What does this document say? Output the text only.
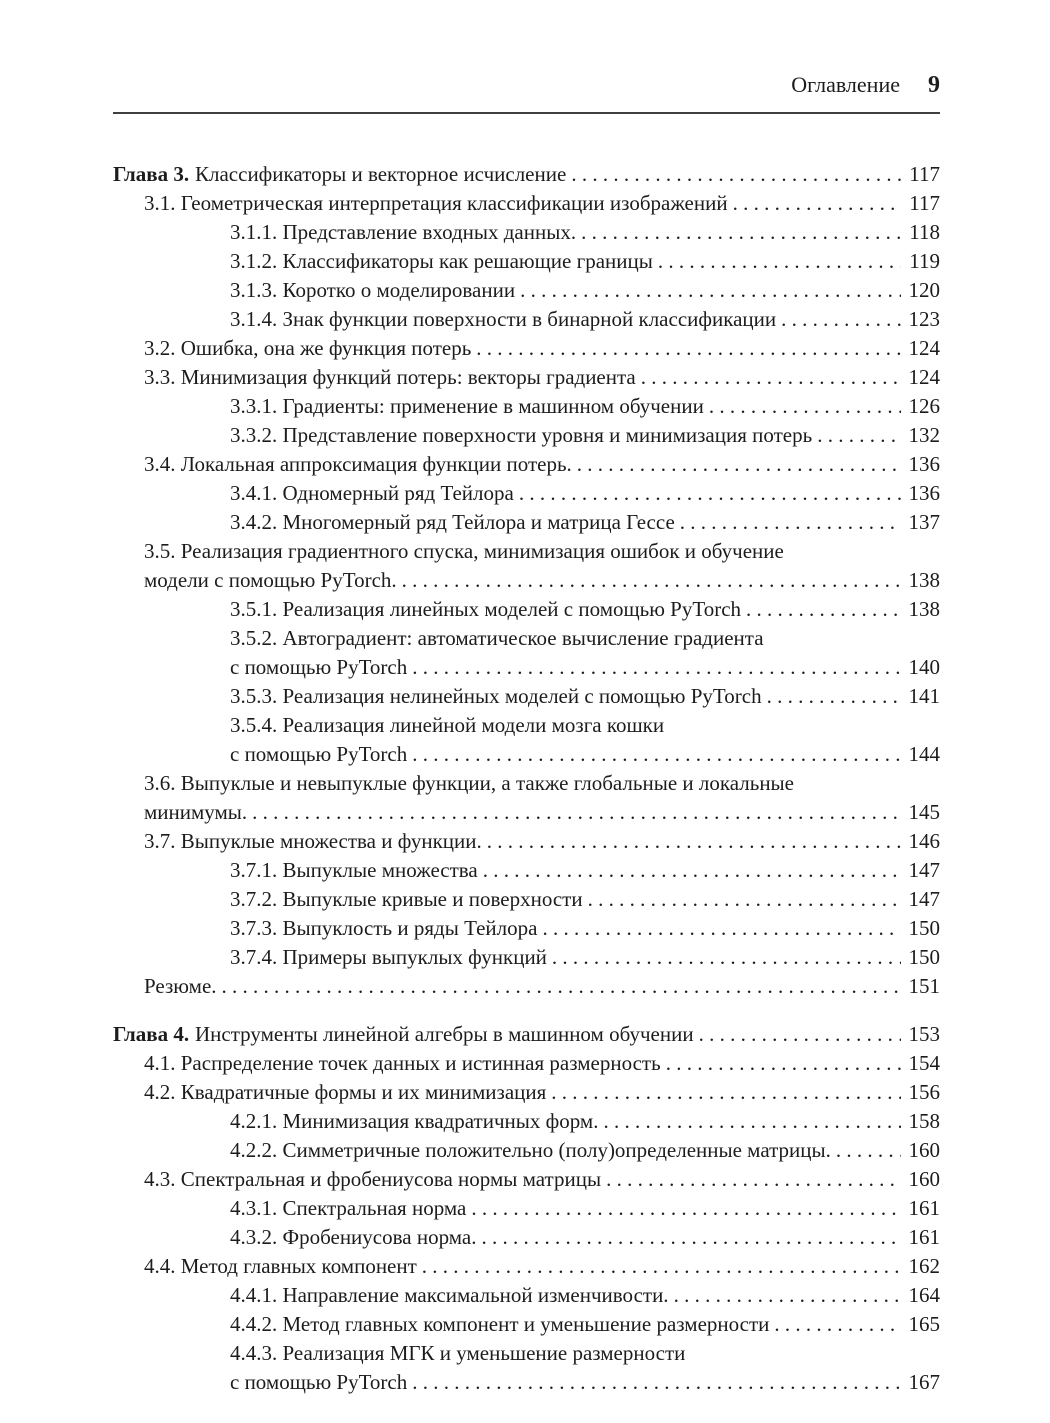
Оглавление 9
Глава 3. Классификаторы и векторное исчисление . . .	117
3.1. Геометрическая интерпретация классификации изображений . . .	117
3.1.1. Представление входных данных. . . .	118
3.1.2. Классификаторы как решающие границы . . .	119
3.1.3. Коротко о моделировании . . .	120
3.1.4. Знак функции поверхности в бинарной классификации . . .	123
3.2. Ошибка, она же функция потерь . . .	124
3.3. Минимизация функций потерь: векторы градиента . . .	124
3.3.1. Градиенты: применение в машинном обучении . . .	126
3.3.2. Представление поверхности уровня и минимизация потерь . . .	132
3.4. Локальная аппроксимация функции потерь. . . .	136
3.4.1. Одномерный ряд Тейлора . . .	136
3.4.2. Многомерный ряд Тейлора и матрица Гессе . . .	137
3.5. Реализация градиентного спуска, минимизация ошибок и обучение
модели с помощью PyTorch. . . .	138
3.5.1. Реализация линейных моделей с помощью PyTorch . . .	138
3.5.2. Автоградиент: автоматическое вычисление градиента
с помощью PyTorch . . .	140
3.5.3. Реализация нелинейных моделей с помощью PyTorch . . .	141
3.5.4. Реализация линейной модели мозга кошки
с помощью PyTorch . . .	144
3.6. Выпуклые и невыпуклые функции, а также глобальные и локальные
минимумы. . . .	145
3.7. Выпуклые множества и функции. . . .	146
3.7.1. Выпуклые множества . . .	147
3.7.2. Выпуклые кривые и поверхности . . .	147
3.7.3. Выпуклость и ряды Тейлора . . .	150
3.7.4. Примеры выпуклых функций . . .	150
Резюме. . . .	151
Глава 4. Инструменты линейной алгебры в машинном обучении . . .	153
4.1. Распределение точек данных и истинная размерность . . .	154
4.2. Квадратичные формы и их минимизация . . .	156
4.2.1. Минимизация квадратичных форм. . . .	158
4.2.2. Симметричные положительно (полу)определенные матрицы. . . .	160
4.3. Спектральная и фробениусова нормы матрицы . . .	160
4.3.1. Спектральная норма . . .	161
4.3.2. Фробениусова норма. . . .	161
4.4. Метод главных компонент . . .	162
4.4.1. Направление максимальной изменчивости. . . .	164
4.4.2. Метод главных компонент и уменьшение размерности . . .	165
4.4.3. Реализация МГК и уменьшение размерности
с помощью PyTorch . . .	167
